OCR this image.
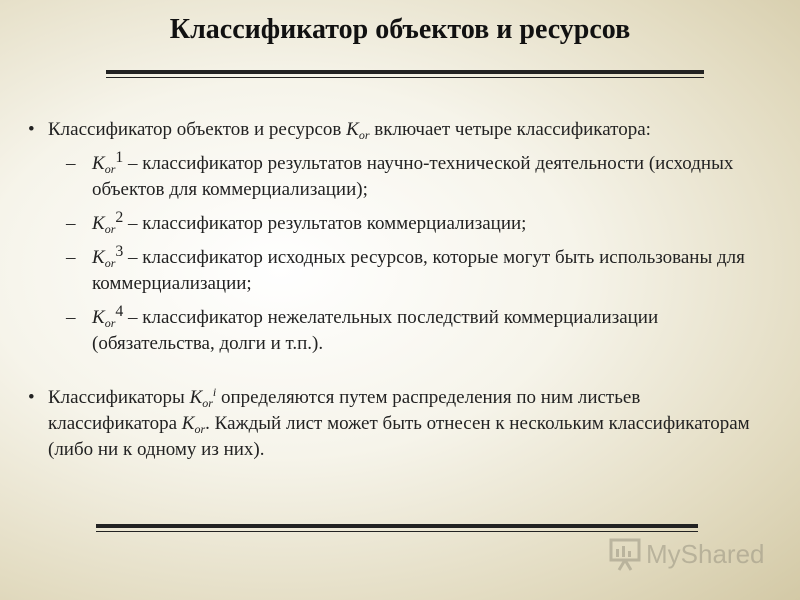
Классификатор объектов и ресурсов
• Классификатор объектов и ресурсов $K_{or}$ включает четыре классификатора:
– $K_{or}^1$ – классификатор результатов научно-технической деятельности (исходных объектов для коммерциализации);
– $K_{or}^2$ – классификатор результатов коммерциализации;
– $K_{or}^3$ – классификатор исходных ресурсов, которые могут быть использованы для коммерциализации;
– $K_{or}^4$ – классификатор нежелательных последствий коммерциализации (обязательства, долги и т.п.).
• Классификаторы $K_{or}^i$ определяются путем распределения по ним листьев классификатора $K_{or}$. Каждый лист может быть отнесен к нескольким классификаторам (либо ни к одному из них).
MyShared
